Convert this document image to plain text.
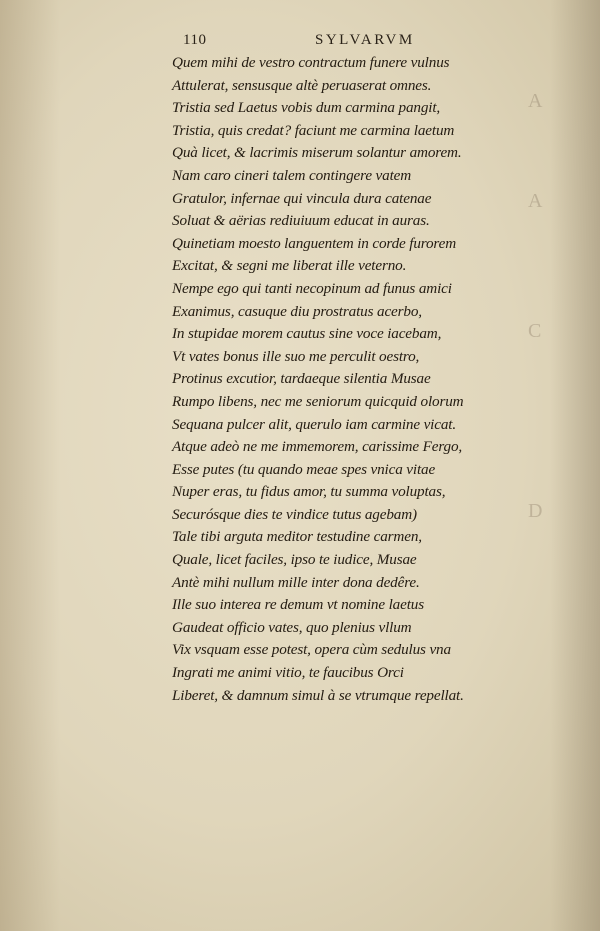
A
A
C
D
110	SYLVARVM
Quem mihi de vestro contractum funere vulnus
Attulerat, sensusque altè peruaserat omnes.
Tristia sed Laetus vobis dum carmina pangit,
Tristia, quis credat? faciunt me carmina laetum
Quà licet, & lacrimis miserum solantur amorem.
Nam caro cineri talem contingere vatem
Gratulor, infernae qui vincula dura catenae
Soluat & aërias rediuiuum educat in auras.
Quinetiam moesto languentem in corde furorem
Excitat, & segni me liberat ille veterno.
Nempe ego qui tanti necopinum ad funus amici
Exanimus, casuque diu prostratus acerbo,
In stupidae morem cautus sine voce iacebam,
Vt vates bonus ille suo me perculit oestro,
Protinus excutior, tardaeque silentia Musae
Rumpo libens, nec me seniorum quicquid olorum
Sequana pulcer alit, querulo iam carmine vicat.
Atque adeò ne me immemorem, carissime Fergo,
Esse putes (tu quando meae spes vnica vitae
Nuper eras, tu fidus amor, tu summa voluptas,
Securósque dies te vindice tutus agebam)
Tale tibi arguta meditor testudine carmen,
Quale, licet faciles, ipso te iudice, Musae
Antè mihi nullum mille inter dona dedêre.
Ille suo interea re demum vt nomine laetus
Gaudeat officio vates, quo plenius vllum
Vix vsquam esse potest, opera cùm sedulus vna
Ingrati me animi vitio, te faucibus Orci
Liberet, & damnum simul à se vtrumque repellat.
